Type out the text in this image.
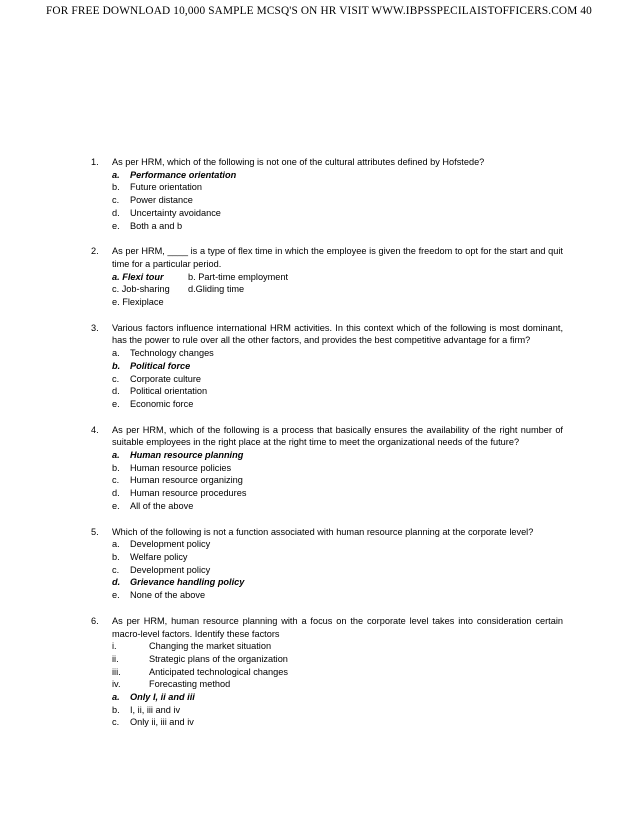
FOR FREE DOWNLOAD 10,000 SAMPLE MCSQ'S ON HR VISIT WWW.IBPSSPECILAISTOFFICERS.COM 40
1.	As per HRM, which of the following is not one of the cultural attributes defined by Hofstede?
a.	Performance orientation
b.	Future orientation
c.	Power distance
d.	Uncertainty avoidance
e.	Both a and b
2.	As per HRM, ____ is a type of flex time in which the employee is given the freedom to opt for the start and quit time for a particular period.
a. Flexi tour	b. Part-time employment
c. Job-sharing	d.Gliding time
e. Flexiplace
3.	Various factors influence international HRM activities. In this context which of the following is most dominant, has the power to rule over all the other factors, and provides the best competitive advantage for a firm?
a.	Technology changes
b.	Political force
c.	Corporate culture
d.	Political orientation
e.	Economic force
4.	As per HRM, which of the following is a process that basically ensures the availability of the right number of suitable employees in the right place at the right time to meet the organizational needs of the future?
a.	Human resource planning
b.	Human resource policies
c.	Human resource organizing
d.	Human resource procedures
e.	All of the above
5.	Which of the following is not a function associated with human resource planning at the corporate level?
a.	Development policy
b.	Welfare policy
c.	Development policy
d.	Grievance handling policy
e.	None of the above
6.	As per HRM, human resource planning with a focus on the corporate level takes into consideration certain macro-level factors. Identify these factors
i.	Changing the market situation
ii.	Strategic plans of the organization
iii.	Anticipated technological changes
iv.	Forecasting method
a.	Only I, ii and iii
b.	I, ii, iii and iv
c.	Only ii, iii and iv
